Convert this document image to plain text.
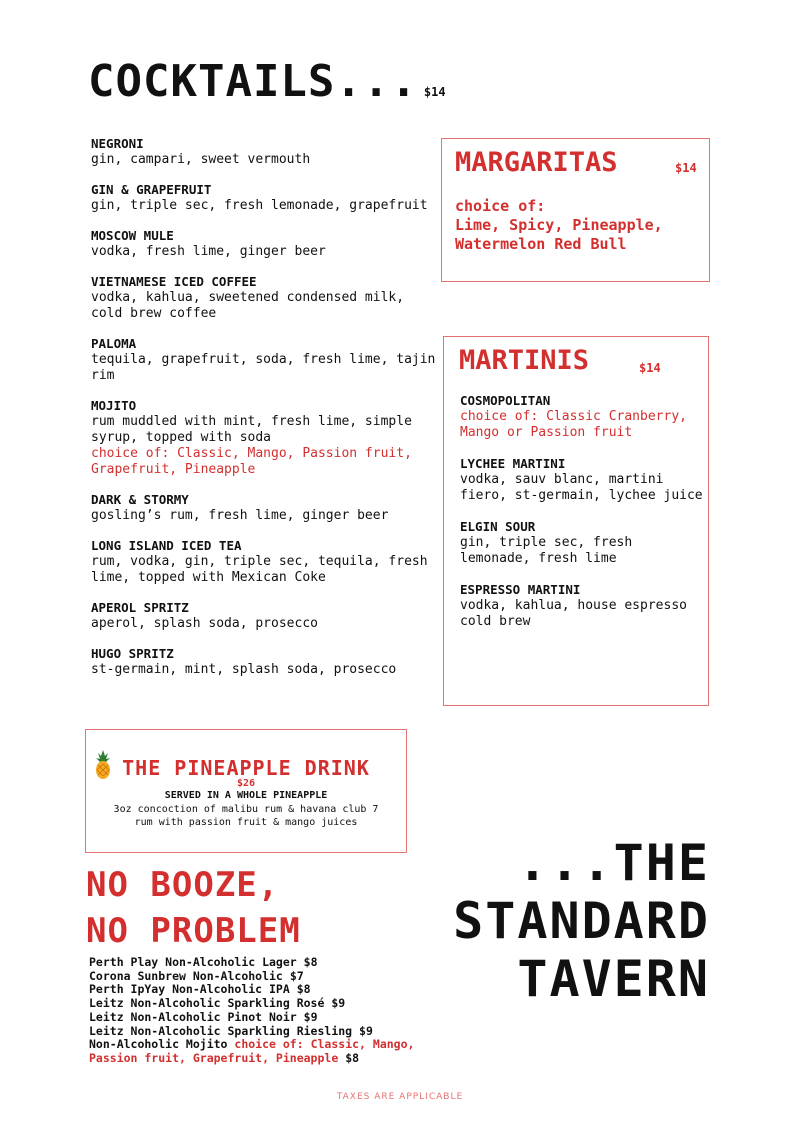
COCKTAILS... $14
NEGRONI
gin, campari, sweet vermouth
GIN & GRAPEFRUIT
gin, triple sec, fresh lemonade, grapefruit
MOSCOW MULE
vodka, fresh lime, ginger beer
VIETNAMESE ICED COFFEE
vodka, kahlua, sweetened condensed milk, cold brew coffee
PALOMA
tequila, grapefruit, soda, fresh lime, tajin rim
MOJITO
rum muddled with mint, fresh lime, simple syrup, topped with soda
choice of: Classic, Mango, Passion fruit, Grapefruit, Pineapple
DARK & STORMY
gosling’s rum, fresh lime, ginger beer
LONG ISLAND ICED TEA
rum, vodka, gin, triple sec, tequila, fresh lime, topped with Mexican Coke
APEROL SPRITZ
aperol, splash soda, prosecco
HUGO SPRITZ
st-germain, mint, splash soda, prosecco
MARGARITAS	$14
choice of:
Lime, Spicy, Pineapple, Watermelon Red Bull
MARTINIS	$14
COSMOPOLITAN
choice of: Classic Cranberry, Mango or Passion fruit
LYCHEE MARTINI
vodka, sauv blanc, martini fiero, st-germain, lychee juice
ELGIN SOUR
gin, triple sec, fresh lemonade, fresh lime
ESPRESSO MARTINI
vodka, kahlua, house espresso cold brew
THE PINEAPPLE DRINK
$26
SERVED IN A WHOLE PINEAPPLE
3oz concoction of malibu rum & havana club 7 rum with passion fruit & mango juices
NO BOOZE,
NO PROBLEM
Perth Play Non-Alcoholic Lager $8
Corona Sunbrew Non-Alcoholic $7
Perth IpYay Non-Alcoholic IPA $8
Leitz Non-Alcoholic Sparkling Rosé $9
Leitz Non-Alcoholic Pinot Noir $9
Leitz Non-Alcoholic Sparkling Riesling $9
Non-Alcoholic Mojito choice of: Classic, Mango, Passion fruit, Grapefruit, Pineapple $8
...THE
STANDARD
TAVERN
TAXES ARE APPLICABLE
